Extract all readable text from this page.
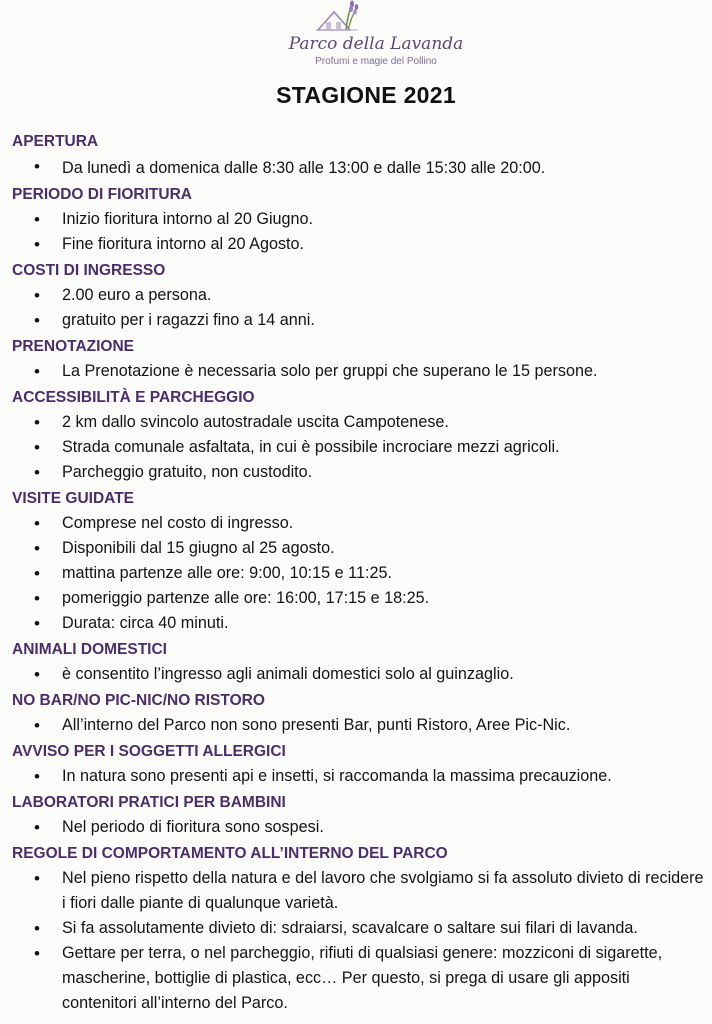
Parco della Lavanda
Profumi e magie del Pollino
STAGIONE 2021
APERTURA
• Da lunedì a domenica dalle 8:30 alle 13:00 e dalle 15:30 alle 20:00.
PERIODO DI FIORITURA
• Inizio fioritura intorno al 20 Giugno.
• Fine fioritura intorno al 20 Agosto.
COSTI DI INGRESSO
• 2.00 euro a persona.
• gratuito per i ragazzi fino a 14 anni.
PRENOTAZIONE
• La Prenotazione è necessaria solo per gruppi che superano le 15 persone.
ACCESSIBILITÀ E PARCHEGGIO
• 2 km dallo svincolo autostradale uscita Campotenese.
• Strada comunale asfaltata, in cui è possibile incrociare mezzi agricoli.
• Parcheggio gratuito, non custodito.
VISITE GUIDATE
• Comprese nel costo di ingresso.
• Disponibili dal 15 giugno al 25 agosto.
• mattina partenze alle ore: 9:00, 10:15 e 11:25.
• pomeriggio partenze alle ore: 16:00, 17:15 e 18:25.
• Durata: circa 40 minuti.
ANIMALI DOMESTICI
• è consentito l’ingresso agli animali domestici solo al guinzaglio.
NO BAR/NO PIC-NIC/NO RISTORO
• All’interno del Parco non sono presenti Bar, punti Ristoro, Aree Pic-Nic.
AVVISO PER I SOGGETTI ALLERGICI
• In natura sono presenti api e insetti, si raccomanda la massima precauzione.
LABORATORI PRATICI PER BAMBINI
• Nel periodo di fioritura sono sospesi.
REGOLE DI COMPORTAMENTO ALL’INTERNO DEL PARCO
• Nel pieno rispetto della natura e del lavoro che svolgiamo si fa assoluto divieto di recidere i fiori dalle piante di qualunque varietà.
• Si fa assolutamente divieto di: sdraiarsi, scavalcare o saltare sui filari di lavanda.
• Gettare per terra, o nel parcheggio, rifiuti di qualsiasi genere: mozziconi di sigarette, mascherine, bottiglie di plastica, ecc… Per questo, si prega di usare gli appositi contenitori all’interno del Parco.
